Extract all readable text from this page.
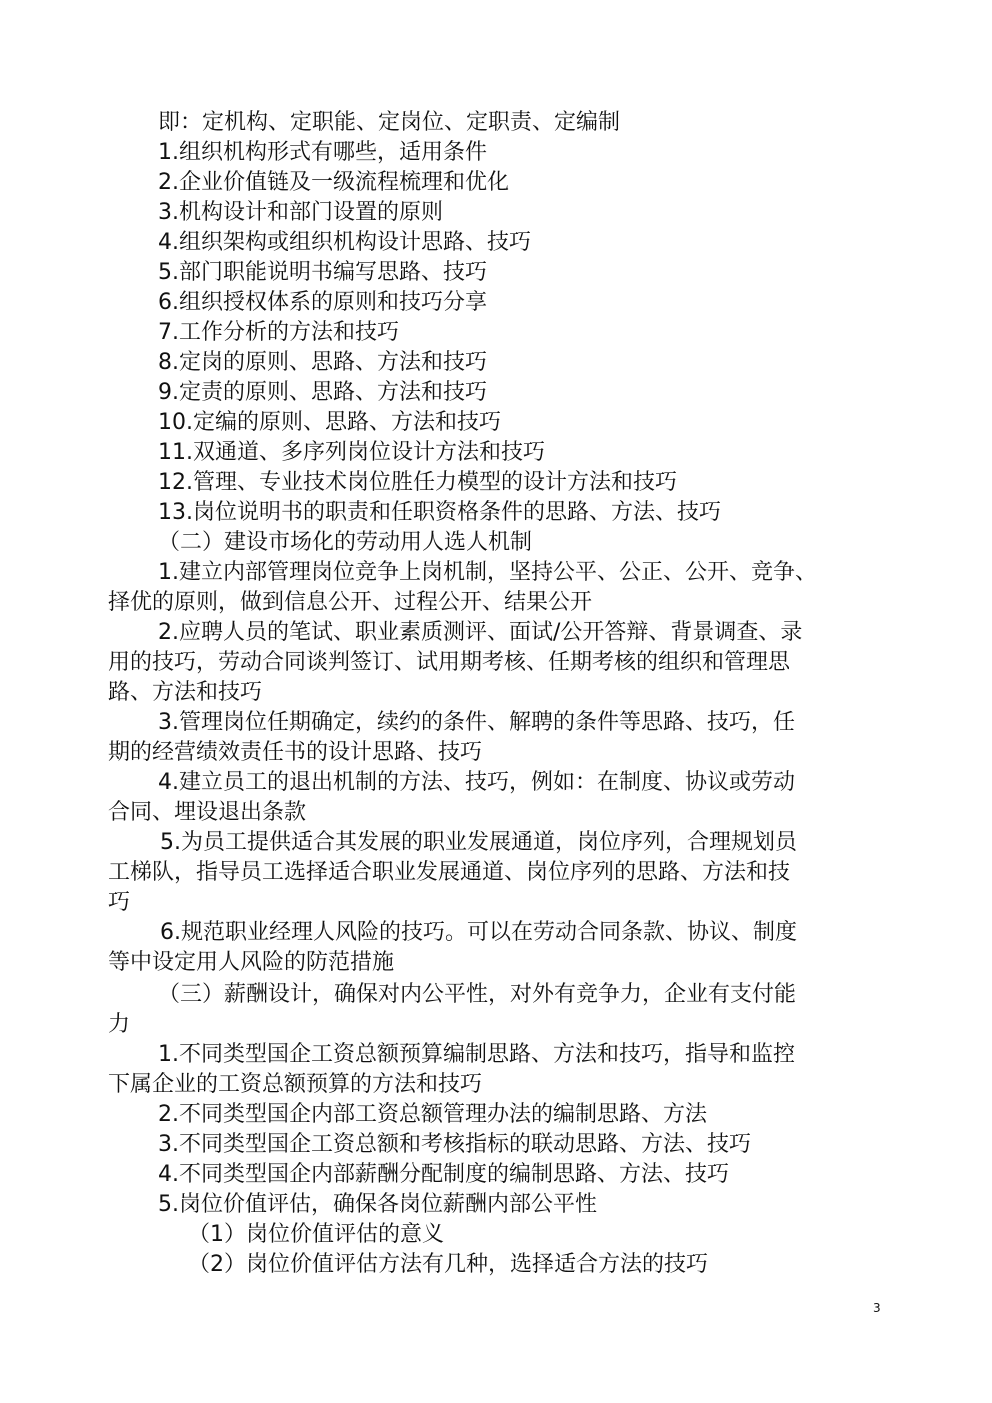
即：定机构、定职能、定岗位、定职责、定编制
1.组织机构形式有哪些，适用条件
2.企业价值链及一级流程梳理和优化
3.机构设计和部门设置的原则
4.组织架构或组织机构设计思路、技巧
5.部门职能说明书编写思路、技巧
6.组织授权体系的原则和技巧分享
7.工作分析的方法和技巧
8.定岗的原则、思路、方法和技巧
9.定责的原则、思路、方法和技巧
10.定编的原则、思路、方法和技巧
11.双通道、多序列岗位设计方法和技巧
12.管理、专业技术岗位胜任力模型的设计方法和技巧
13.岗位说明书的职责和任职资格条件的思路、方法、技巧
（二）建设市场化的劳动用人选人机制
1.建立内部管理岗位竞争上岗机制，坚持公平、公正、公开、竞争、
择优的原则，做到信息公开、过程公开、结果公开
2.应聘人员的笔试、职业素质测评、面试/公开答辩、背景调查、录
用的技巧，劳动合同谈判签订、试用期考核、任期考核的组织和管理思
路、方法和技巧
3.管理岗位任期确定，续约的条件、解聘的条件等思路、技巧，任
期的经营绩效责任书的设计思路、技巧
4.建立员工的退出机制的方法、技巧，例如：在制度、协议或劳动
合同、埋设退出条款
5.为员工提供适合其发展的职业发展通道，岗位序列，合理规划员
工梯队，指导员工选择适合职业发展通道、岗位序列的思路、方法和技
巧
6.规范职业经理人风险的技巧。可以在劳动合同条款、协议、制度
等中设定用人风险的防范措施
（三）薪酬设计，确保对内公平性，对外有竞争力，企业有支付能
力
1.不同类型国企工资总额预算编制思路、方法和技巧，指导和监控
下属企业的工资总额预算的方法和技巧
2.不同类型国企内部工资总额管理办法的编制思路、方法
3.不同类型国企工资总额和考核指标的联动思路、方法、技巧
4.不同类型国企内部薪酬分配制度的编制思路、方法、技巧
5.岗位价值评估，确保各岗位薪酬内部公平性
（1）岗位价值评估的意义
（2）岗位价值评估方法有几种，选择适合方法的技巧
3
